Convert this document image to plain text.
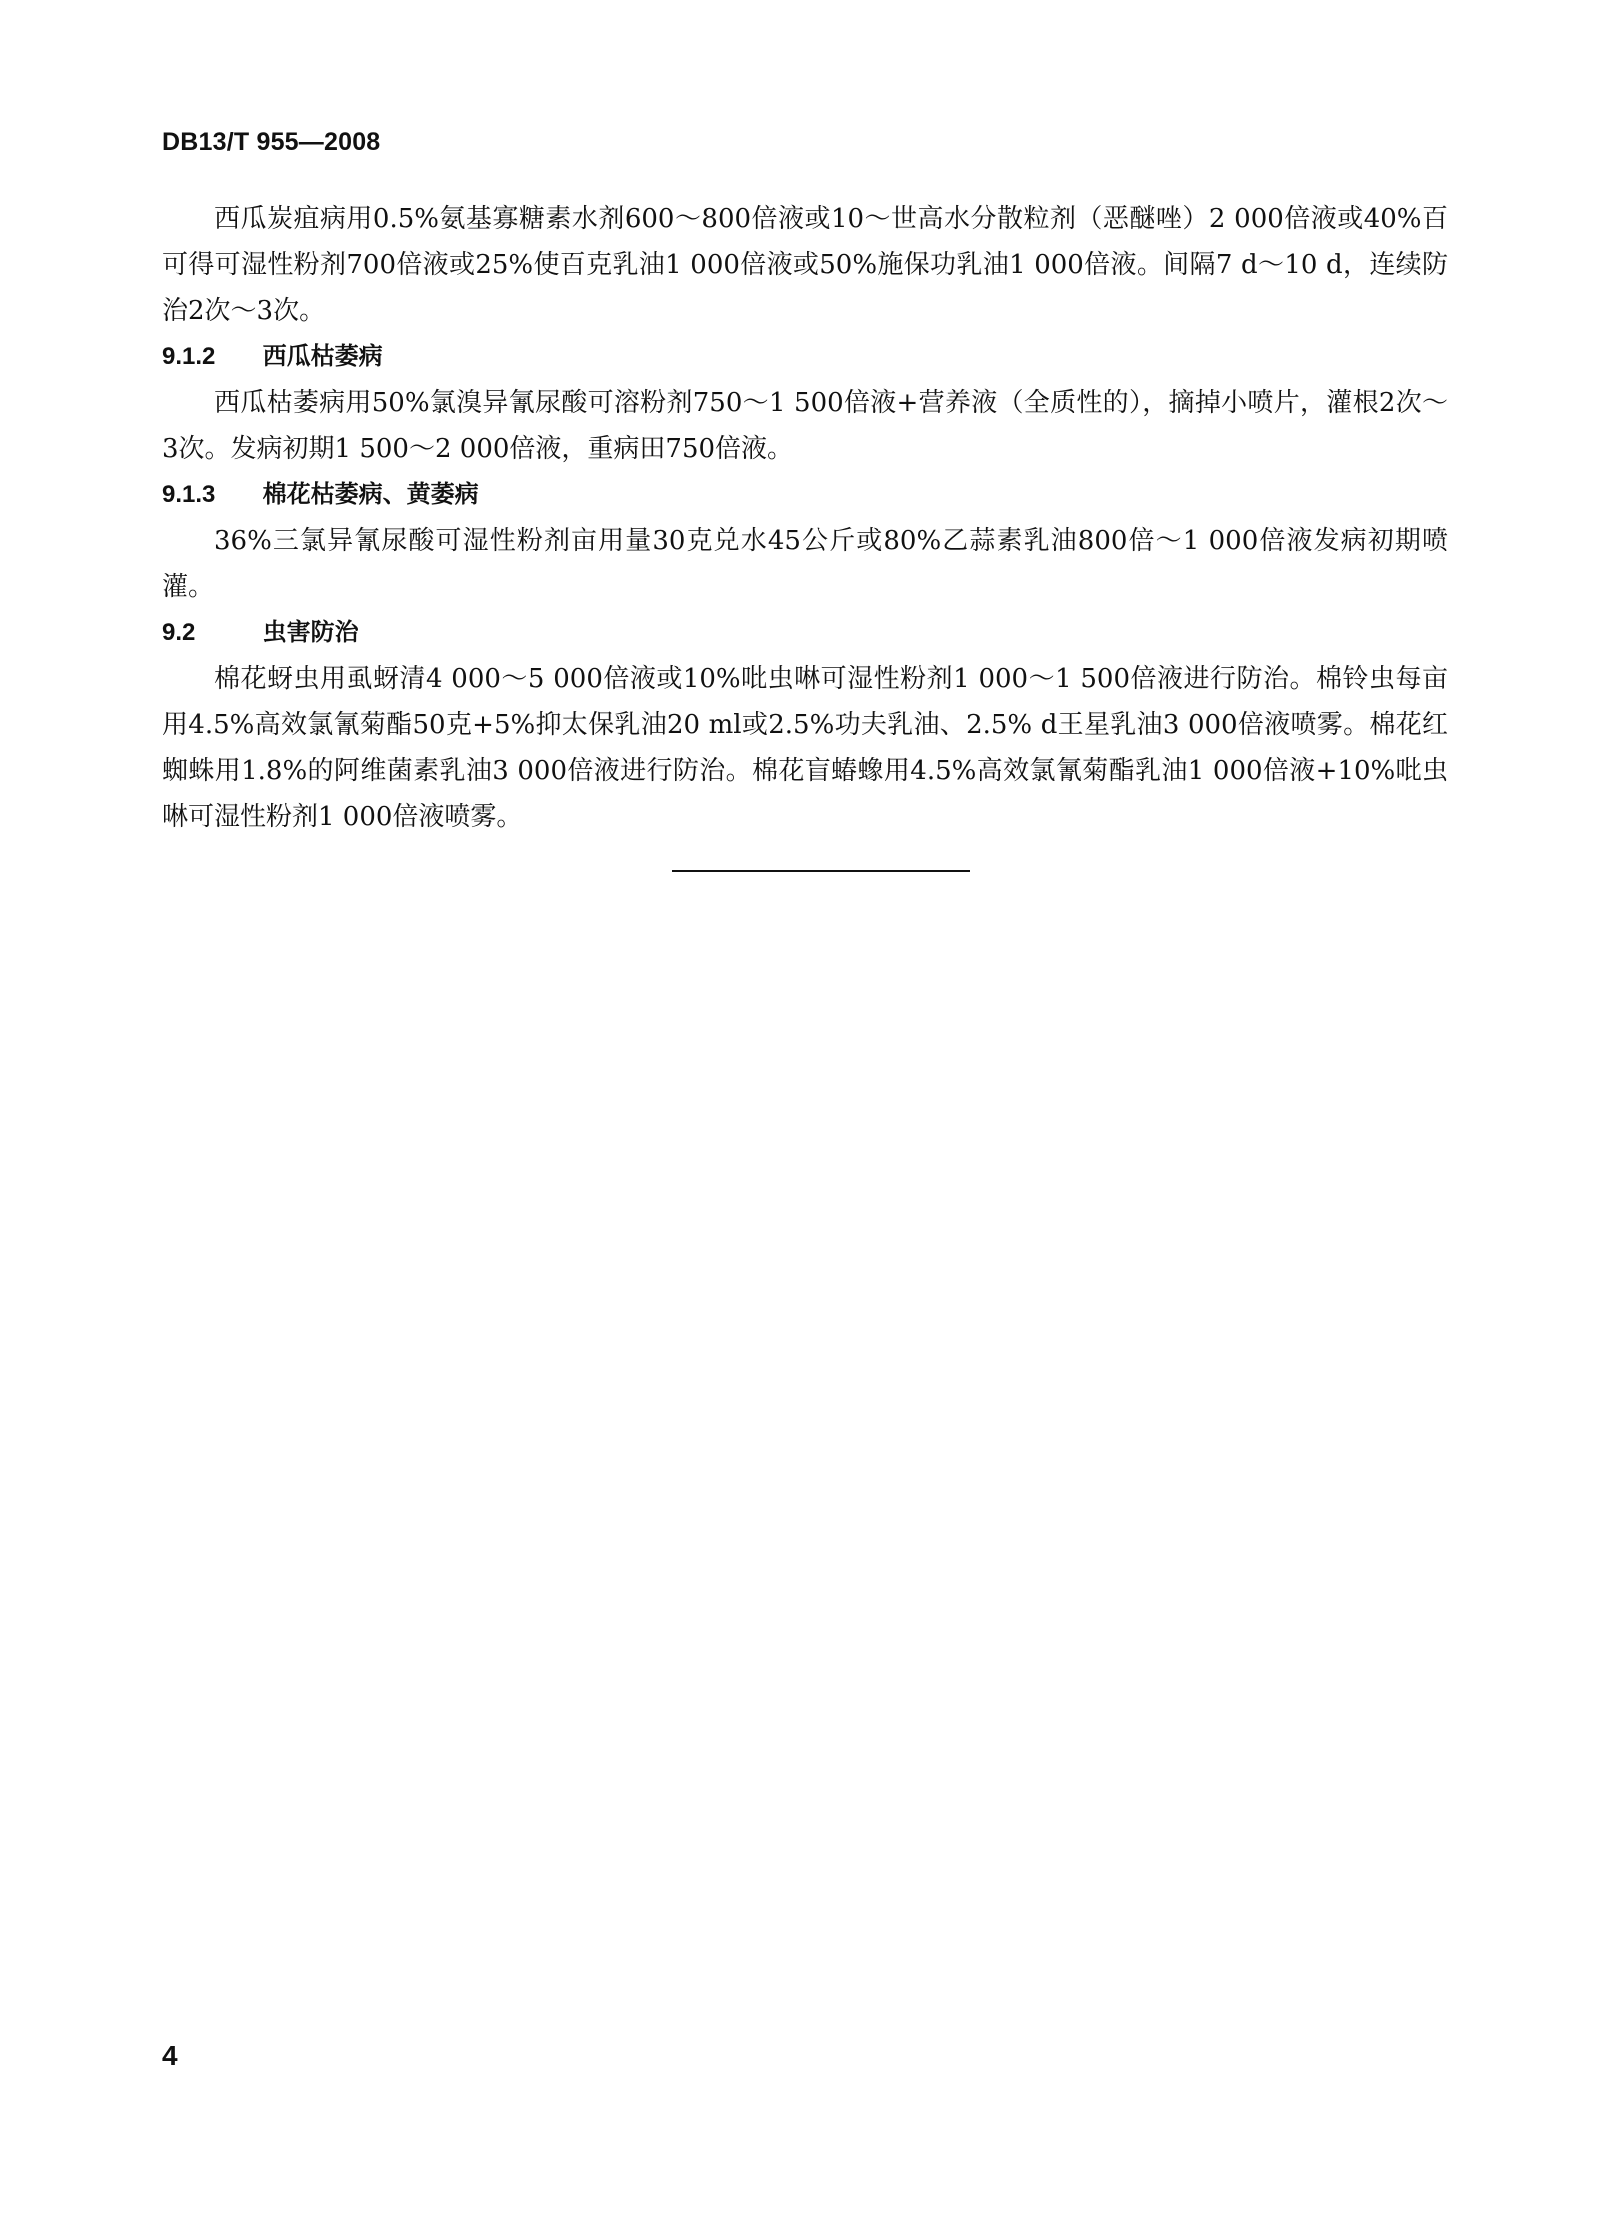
DB13/T 955—2008

西瓜炭疽病用0.5%氨基寡糖素水剂600～800倍液或10～世高水分散粒剂（恶醚唑）2 000倍液或40%百可得可湿性粉剂700倍液或25%使百克乳油1 000倍液或50%施保功乳油1 000倍液。间隔7 d～10 d，连续防治2次～3次。

9.1.2 西瓜枯萎病

西瓜枯萎病用50%氯溴异氰尿酸可溶粉剂750～1 500倍液+营养液（全质性的），摘掉小喷片，灌根2次～3次。发病初期1 500～2 000倍液，重病田750倍液。

9.1.3 棉花枯萎病、黄萎病

36%三氯异氰尿酸可湿性粉剂亩用量30克兑水45公斤或80%乙蒜素乳油800倍～1 000倍液发病初期喷灌。

9.2	虫害防治

棉花蚜虫用虱蚜清4 000～5 000倍液或10%吡虫啉可湿性粉剂1 000～1 500倍液进行防治。棉铃虫每亩用4.5%高效氯氰菊酯50克+5%抑太保乳油20 ml或2.5%功夫乳油、2.5% d王星乳油3 000倍液喷雾。棉花红蜘蛛用1.8%的阿维菌素乳油3 000倍液进行防治。棉花盲蝽蟓用4.5%高效氯氰菊酯乳油1 000倍液+10%吡虫啉可湿性粉剂1 000倍液喷雾。

4
